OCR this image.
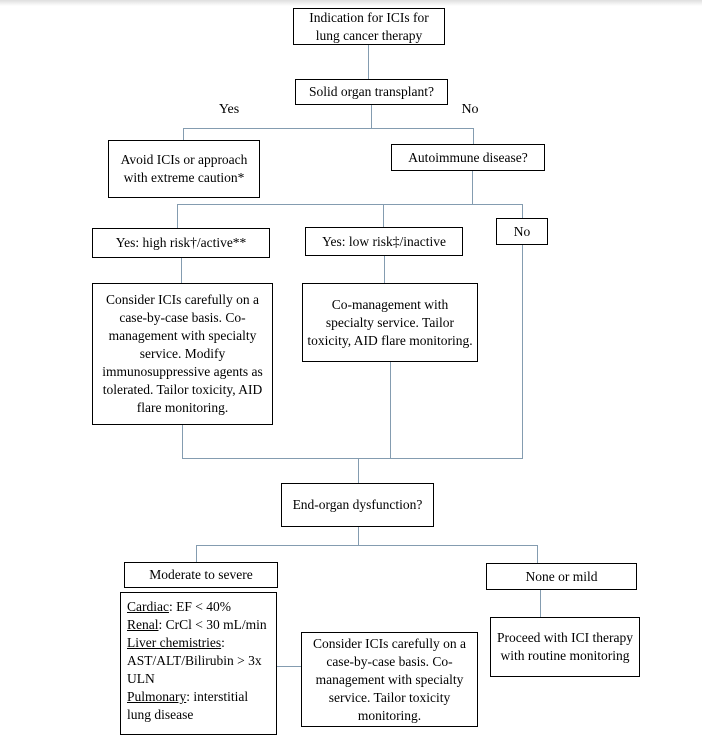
Yes	No
Indication for ICIs for lung cancer therapy
Solid organ transplant?
Avoid ICIs or approach with extreme caution*
Autoimmune disease?
Yes: high risk†/active**	Yes: low risk‡/inactive
No
Consider ICIs carefully on a case-by-case basis. Co-management with specialty service. Modify immunosuppressive agents as tolerated. Tailor toxicity, AID flare monitoring.
Co-management with specialty service. Tailor toxicity, AID flare monitoring.
End-organ dysfunction?
Moderate to severe	None or mild
Cardiac: EF < 40%
Renal: CrCl < 30 mL/min
Liver chemistries: AST/ALT/Bilirubin > 3x ULN
Pulmonary: interstitial lung disease
Consider ICIs carefully on a case-by-case basis. Co-management with specialty service. Tailor toxicity monitoring.
Proceed with ICI therapy with routine monitoring
